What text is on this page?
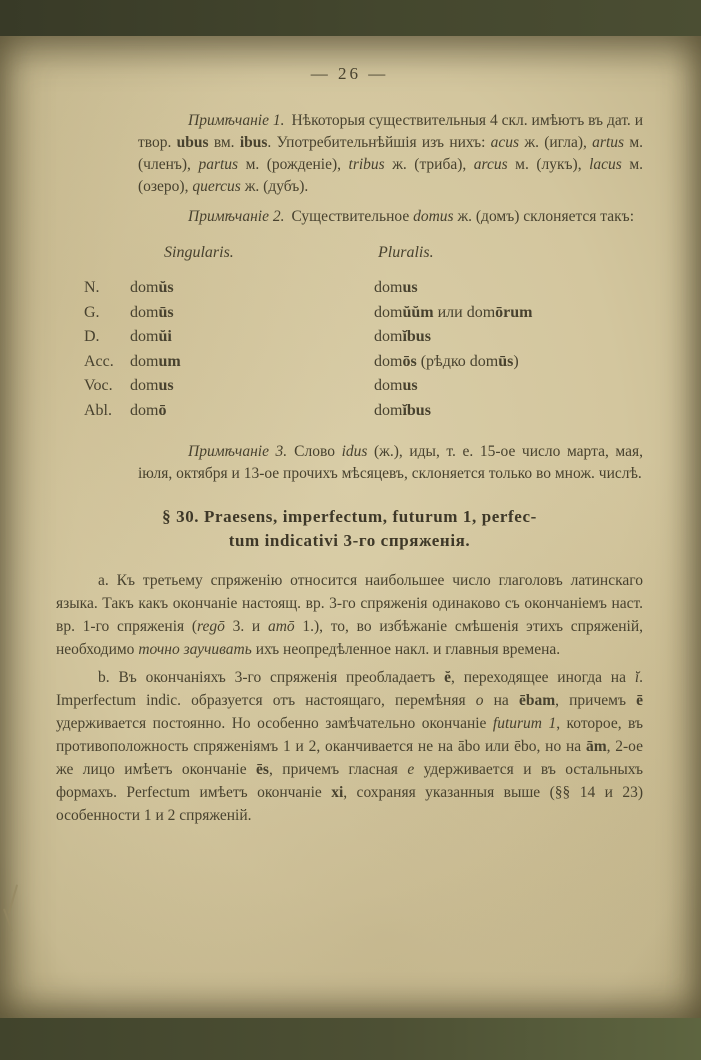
— 26 —

Примѣчаніе 1. Нѣкоторыя существительныя 4 скл. имѣютъ въ дат. и твор. ubus вм. ibus. Употребительнѣйшія изъ нихъ: acus ж. (игла), artus м. (членъ), partus м. (рожденіе), tribus ж. (триба), arcus м. (лукъ), lacus м. (озеро), quercus ж. (дубъ).

Примѣчаніе 2. Существительное domus ж. (домъ) склоняется такъ:

Singularis.	Pluralis.
N.	domŭs	domus
G.	domūs	domŭŭm или domōrum
D.	domŭi	domĭbus
Acc.	domum	domōs (рѣдко domūs)
Voc.	domus	domus
Abl.	domō	domĭbus

Примѣчаніе 3. Слово idus (ж.), иды, т. е. 15-ое число марта, мая, іюля, октября и 13-ое прочихъ мѣсяцевъ, склоняется только во множ. числѣ.

§ 30. Praesens, imperfectum, futurum 1, perfec-
tum indicativi 3-го спряженія.

a. Къ третьему спряженію относится наибольшее число глаголовъ латинскаго языка. Такъ какъ окончаніе настоящ. вр. 3-го спряженія одинаково съ окончаніемъ наст. вр. 1-го спряженія (regō 3. и amō 1.), то, во избѣжаніе смѣшенія этихъ спряженій, необходимо точно заучивать ихъ неопредѣленное накл. и главныя времена.

b. Въ окончаніяхъ 3-го спряженія преобладаетъ ĕ, переходящее иногда на ĭ. Imperfectum indic. образуется отъ настоящаго, перемѣняя o на ēbam, причемъ ē удерживается постоянно. Но особенно замѣчательно окончаніе futurum 1, которое, въ противоположность спряженіямъ 1 и 2, оканчивается не на ābo или ēbo, но на ām, 2-ое же лицо имѣетъ окончаніе ēs, причемъ гласная e удерживается и въ остальныхъ формахъ. Perfectum имѣетъ окончаніе xi, сохраняя указанныя выше (§§ 14 и 23) особенности 1 и 2 спряженій.
